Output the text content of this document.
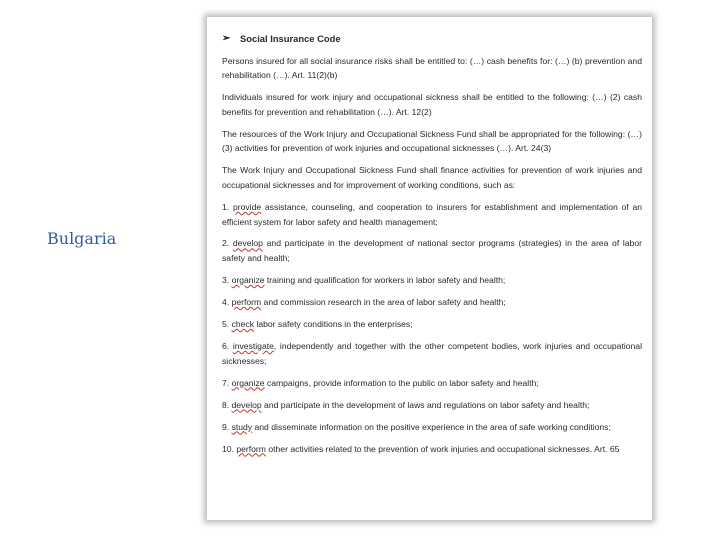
Bulgaria
➢	Social Insurance Code
Persons insured for all social insurance risks shall be entitled to: (…) cash benefits for: (…) (b) prevention and rehabilitation (…). Art. 11(2)(b)
Individuals insured for work injury and occupational sickness shall be entitled to the following: (…) (2) cash benefits for prevention and rehabilitation (…). Art. 12(2)
The resources of the Work Injury and Occupational Sickness Fund shall be appropriated for the following: (…) (3) activities for prevention of work injuries and occupational sicknesses (…). Art. 24(3)
The Work Injury and Occupational Sickness Fund shall finance activities for prevention of work injuries and occupational sicknesses and for improvement of working conditions, such as:
1. provide assistance, counseling, and cooperation to insurers for establishment and implementation of an efficient system for labor safety and health management;
2. develop and participate in the development of national sector programs (strategies) in the area of labor safety and health;
3. organize training and qualification for workers in labor safety and health;
4. perform and commission research in the area of labor safety and health;
5. check labor safety conditions in the enterprises;
6. investigate, independently and together with the other competent bodies, work injuries and occupational sicknesses;
7. organize campaigns, provide information to the public on labor safety and health;
8. develop and participate in the development of laws and regulations on labor safety and health;
9. study and disseminate information on the positive experience in the area of safe working conditions;
10. perform other activities related to the prevention of work injuries and occupational sicknesses. Art. 65
